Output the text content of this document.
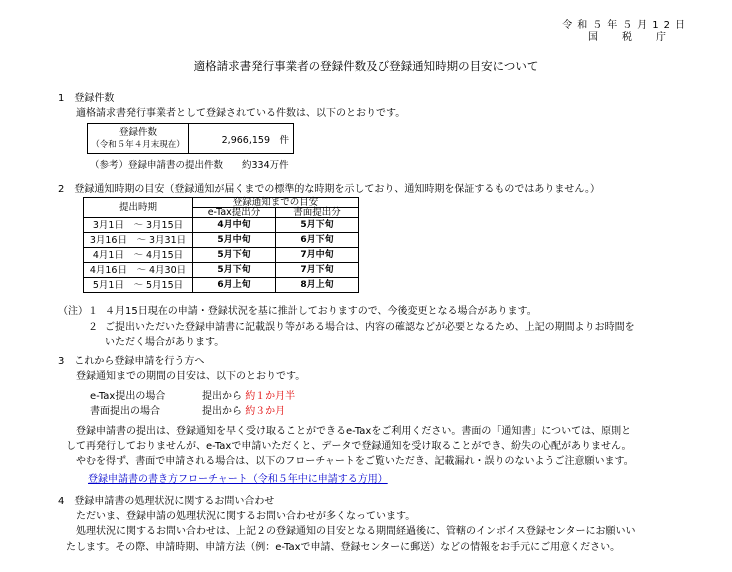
令和５年５月12日
国税庁
適格請求書発行事業者の登録件数及び登録通知時期の目安について
1　登録件数
適格請求書発行事業者として登録されている件数は、以下のとおりです。
登録件数
（令和５年４月末現在）	2,966,159　件
（参考）登録申請書の提出件数　　約334万件
2　登録通知時期の目安（登録通知が届くまでの標準的な時期を示しており、通知時期を保証するものではありません。）
提出時期	登録通知までの目安	
	e-Tax提出分	書面提出分
3月1日　～ 3月15日	4月中旬	5月下旬
3月16日　～ 3月31日	5月中旬	6月下旬
4月1日　～ 4月15日	5月下旬	7月中旬
4月16日　～ 4月30日	5月下旬	7月下旬
5月1日　～ 5月15日	6月上旬	8月上旬
（注）１ ４月15日現在の申請・登録状況を基に推計しておりますので、今後変更となる場合があります。
２ ご提出いただいた登録申請書に記載誤り等がある場合は、内容の確認などが必要となるため、上記の期間よりお時間を
いただく場合があります。
3　これから登録申請を行う方へ
登録通知までの期間の目安は、以下のとおりです。
e-Tax提出の場合	提出から 約１か月半
書面提出の場合	提出から 約３か月
登録申請書の提出は、登録通知を早く受け取ることができるe-Taxをご利用ください。書面の「通知書」については、原則と
して再発行しておりませんが、e-Taxで申請いただくと、データで登録通知を受け取ることができ、紛失の心配がありません。
やむを得ず、書面で申請される場合は、以下のフローチャートをご覧いただき、記載漏れ・誤りのないようご注意願います。
登録申請書の書き方フローチャート（令和５年中に申請する方用）
4　登録申請書の処理状況に関するお問い合わせ
ただいま、登録申請の処理状況に関するお問い合わせが多くなっています。
処理状況に関するお問い合わせは、上記２の登録通知の目安となる期間経過後に、管轄のインボイス登録センターにお願いい
たします。その際、申請時期、申請方法（例：e-Taxで申請、登録センターに郵送）などの情報をお手元にご用意ください。
